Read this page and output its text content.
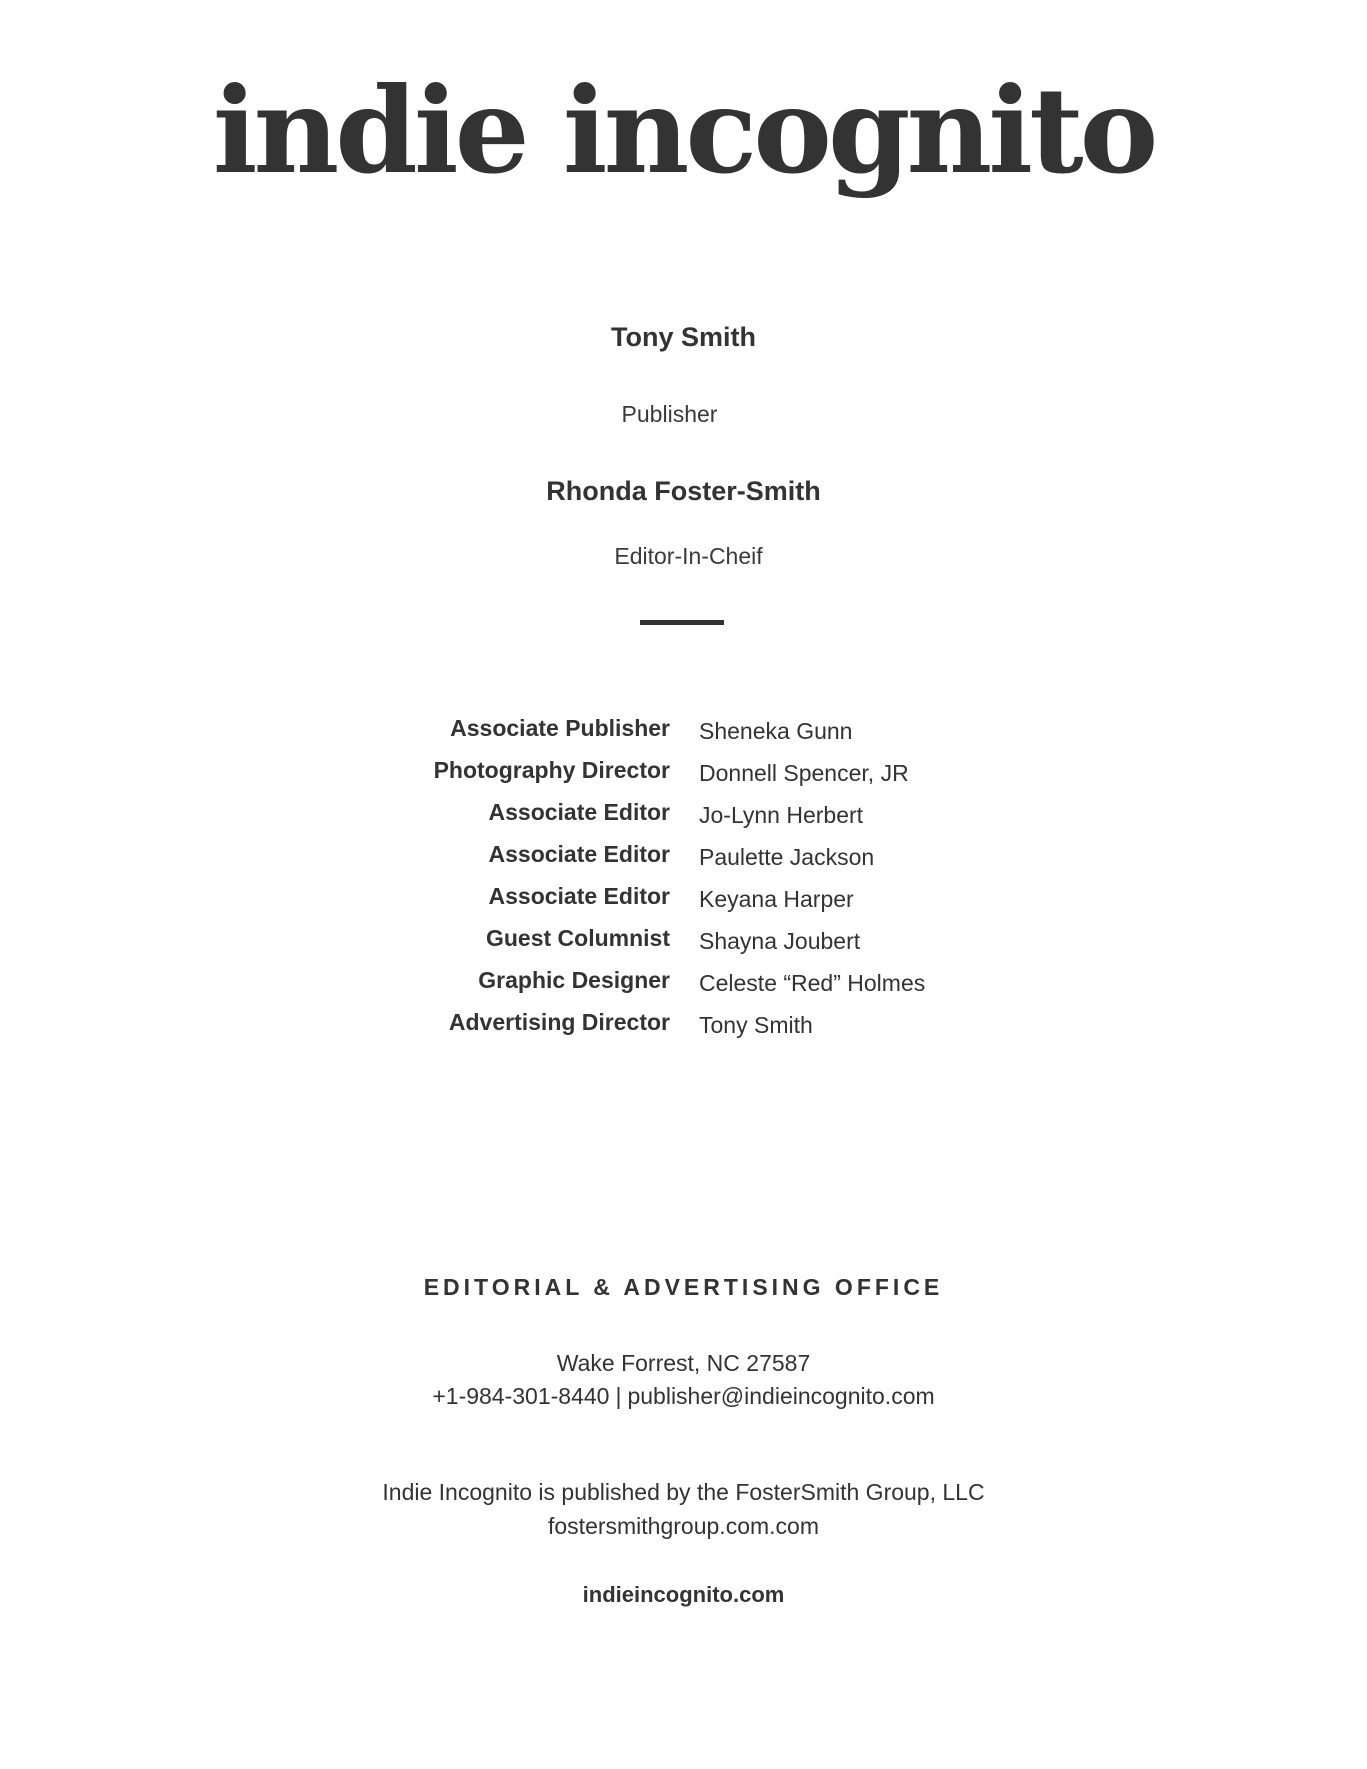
indie incognito
Tony Smith
Publisher
Rhonda Foster-Smith
Editor-In-Cheif
Associate Publisher Sheneka Gunn
Photography Director Donnell Spencer, JR
Associate Editor Jo-Lynn Herbert
Associate Editor Paulette Jackson
Associate Editor Keyana Harper
Guest Columnist Shayna Joubert
Graphic Designer Celeste “Red” Holmes
Advertising Director Tony Smith
EDITORIAL & ADVERTISING OFFICE
Wake Forrest, NC 27587
+1-984-301-8440 | publisher@indieincognito.com
Indie Incognito is published by the FosterSmith Group, LLC
fostersmithgroup.com.com
indieincognito.com
